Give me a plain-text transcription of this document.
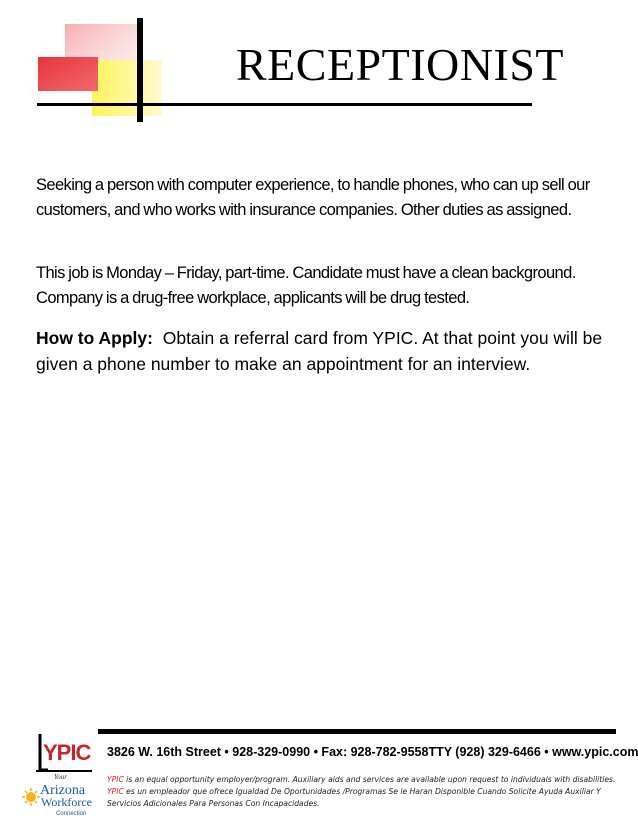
RECEPTIONIST

Seeking a person with computer experience, to handle phones, who can up sell our customers, and who works with insurance companies. Other duties as assigned.

This job is Monday – Friday, part-time. Candidate must have a clean background. Company is a drug-free workplace, applicants will be drug tested.

How to Apply: Obtain a referral card from YPIC. At that point you will be given a phone number to make an appointment for an interview.

YPIC
Your
Arizona
Workforce
Connection
3826 W. 16th Street • 928-329-0990 • Fax: 928-782-9558TTY (928) 329-6466 • www.ypic.com
YPIC is an equal opportunity employer/program. Auxiliary aids and services are available upon request to individuals with disabilities.
YPIC es un empleador que ofrece Igualdad De Oportunidades /Programas Se le Haran Disponible Cuando Solicite Ayuda Auxiliar Y Servicios Adicionales Para Personas Con Incapacidades.
